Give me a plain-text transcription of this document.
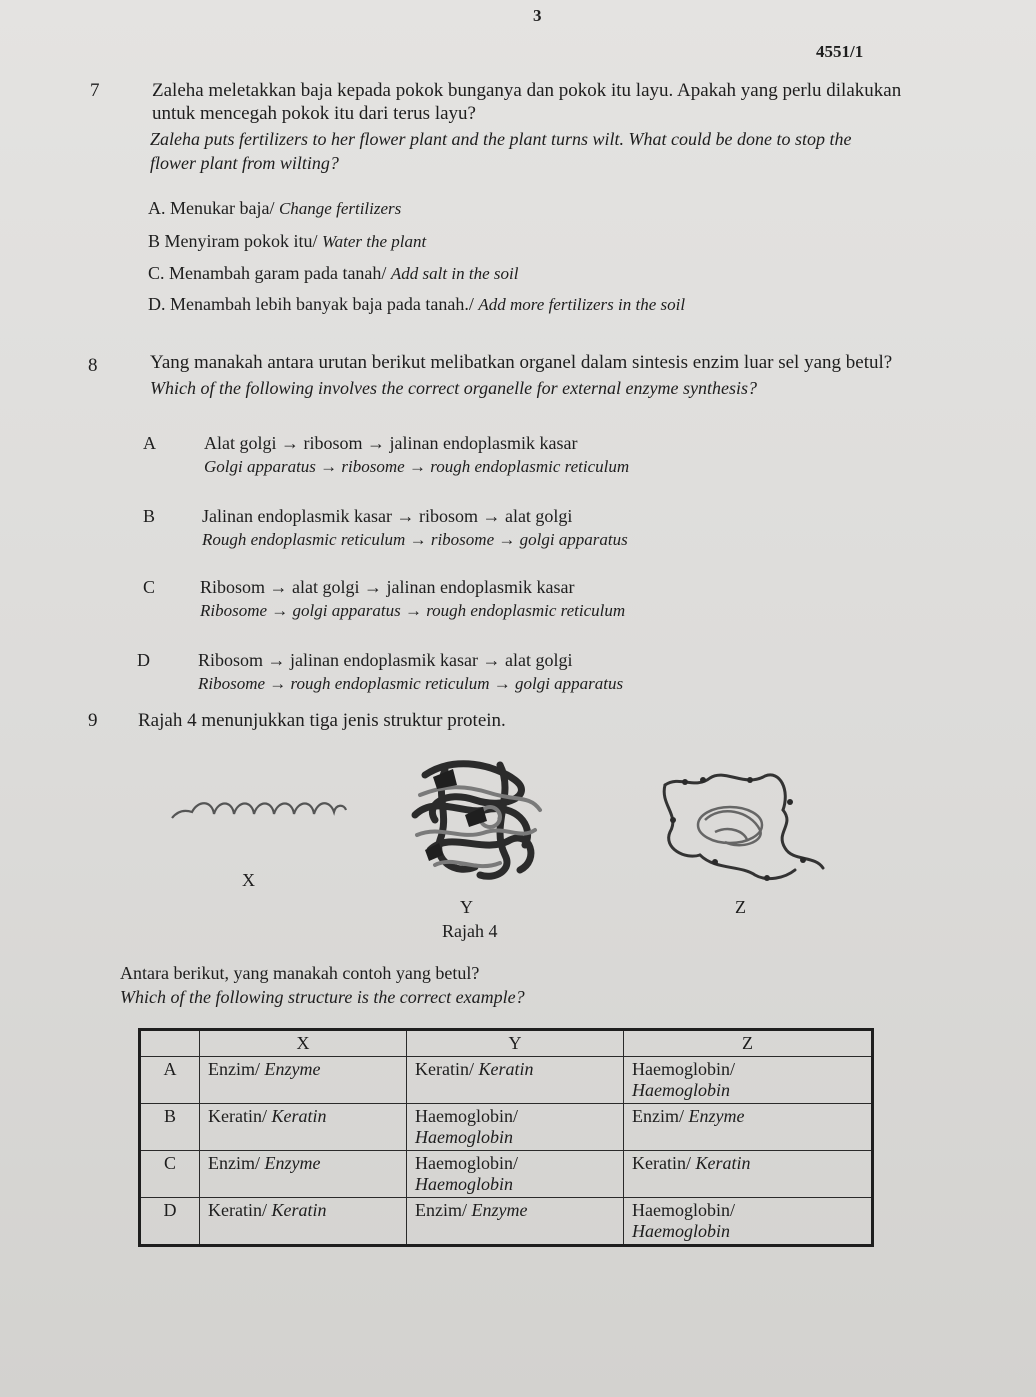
3
4551/1
7	Zaleha meletakkan baja kepada pokok bunganya dan pokok itu layu. Apakah yang perlu dilakukan
untuk mencegah pokok itu dari terus layu?
Zaleha puts fertilizers to her flower plant and the plant turns wilt. What could be done to stop the
flower plant from wilting?
A. Menukar baja/ Change fertilizers
B Menyiram pokok itu/ Water the plant
C. Menambah garam pada tanah/ Add salt in the soil
D. Menambah lebih banyak baja pada tanah./ Add more fertilizers in the soil
8	Yang manakah antara urutan berikut melibatkan organel dalam sintesis enzim luar sel yang betul?
Which of the following involves the correct organelle for external enzyme synthesis?
A	Alat golgi → ribosom → jalinan endoplasmik kasar
Golgi apparatus → ribosome → rough endoplasmic reticulum
B	Jalinan endoplasmik kasar → ribosom → alat golgi
Rough endoplasmic reticulum → ribosome → golgi apparatus
C Ribosom → alat golgi → jalinan endoplasmik kasar
Ribosome → golgi apparatus → rough endoplasmic reticulum
D	Ribosom → jalinan endoplasmik kasar → alat golgi
Ribosome → rough endoplasmic reticulum → golgi apparatus
9 Rajah 4 menunjukkan tiga jenis struktur protein.
X
Y	Z
Rajah 4
Antara berikut, yang manakah contoh yang betul?
Which of the following structure is the correct example?
	X	Y	Z
A	Enzim/ Enzyme	Keratin/ Keratin	Haemoglobin/
Haemoglobin
B	Keratin/ Keratin	Haemoglobin/
Haemoglobin	Enzim/ Enzyme
C	Enzim/ Enzyme	Haemoglobin/
Haemoglobin	Keratin/ Keratin
D	Keratin/ Keratin	Enzim/ Enzyme	Haemoglobin/
Haemoglobin
